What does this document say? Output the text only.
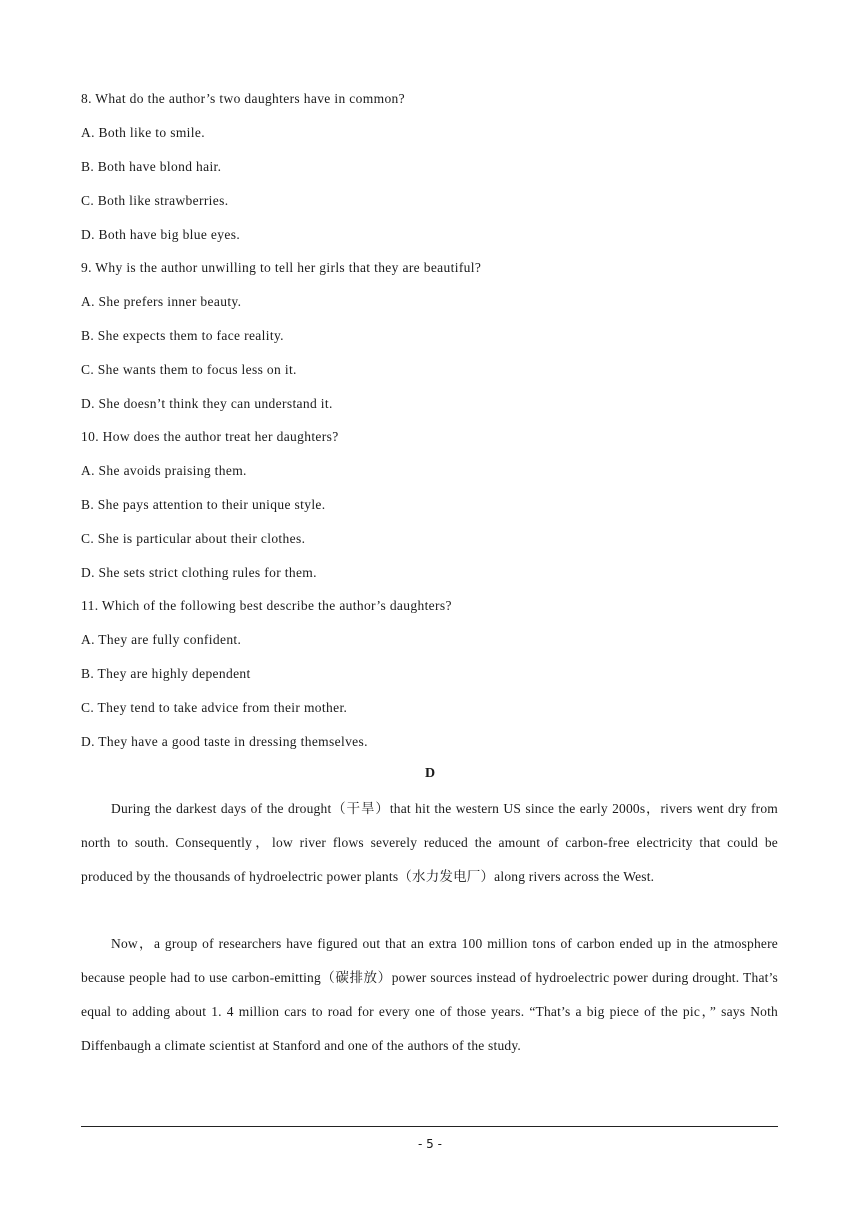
8. What do the author’s two daughters have in common?
A. Both like to smile.
B. Both have blond hair.
C. Both like strawberries.
D. Both have big blue eyes.
9. Why is the author unwilling to tell her girls that they are beautiful?
A. She prefers inner beauty.
B. She expects them to face reality.
C. She wants them to focus less on it.
D. She doesn’t think they can understand it.
10. How does the author treat her daughters?
A. She avoids praising them.
B. She pays attention to their unique style.
C. She is particular about their clothes.
D. She sets strict clothing rules for them.
11. Which of the following best describe the author’s daughters?
A. They are fully confident.
B. They are highly dependent
C. They tend to take advice from their mother.
D. They have a good taste in dressing themselves.
D

During the darkest days of the drought（干旱）that hit the western US since the early 2000s，rivers went dry from north to south. Consequently，low river flows severely reduced the amount of carbon-free electricity that could be produced by the thousands of hydroelectric power plants（水力发电厂）along rivers across the West.

Now，a group of researchers have figured out that an extra 100 million tons of carbon ended up in the atmosphere because people had to use carbon-emitting（碳排放）power sources instead of hydroelectric power during drought. That’s equal to adding about 1. 4 million cars to road for every one of those years. “That’s a big piece of the pic，” says Noth Diffenbaugh a climate scientist at Stanford and one of the authors of the study.

- 5 -
